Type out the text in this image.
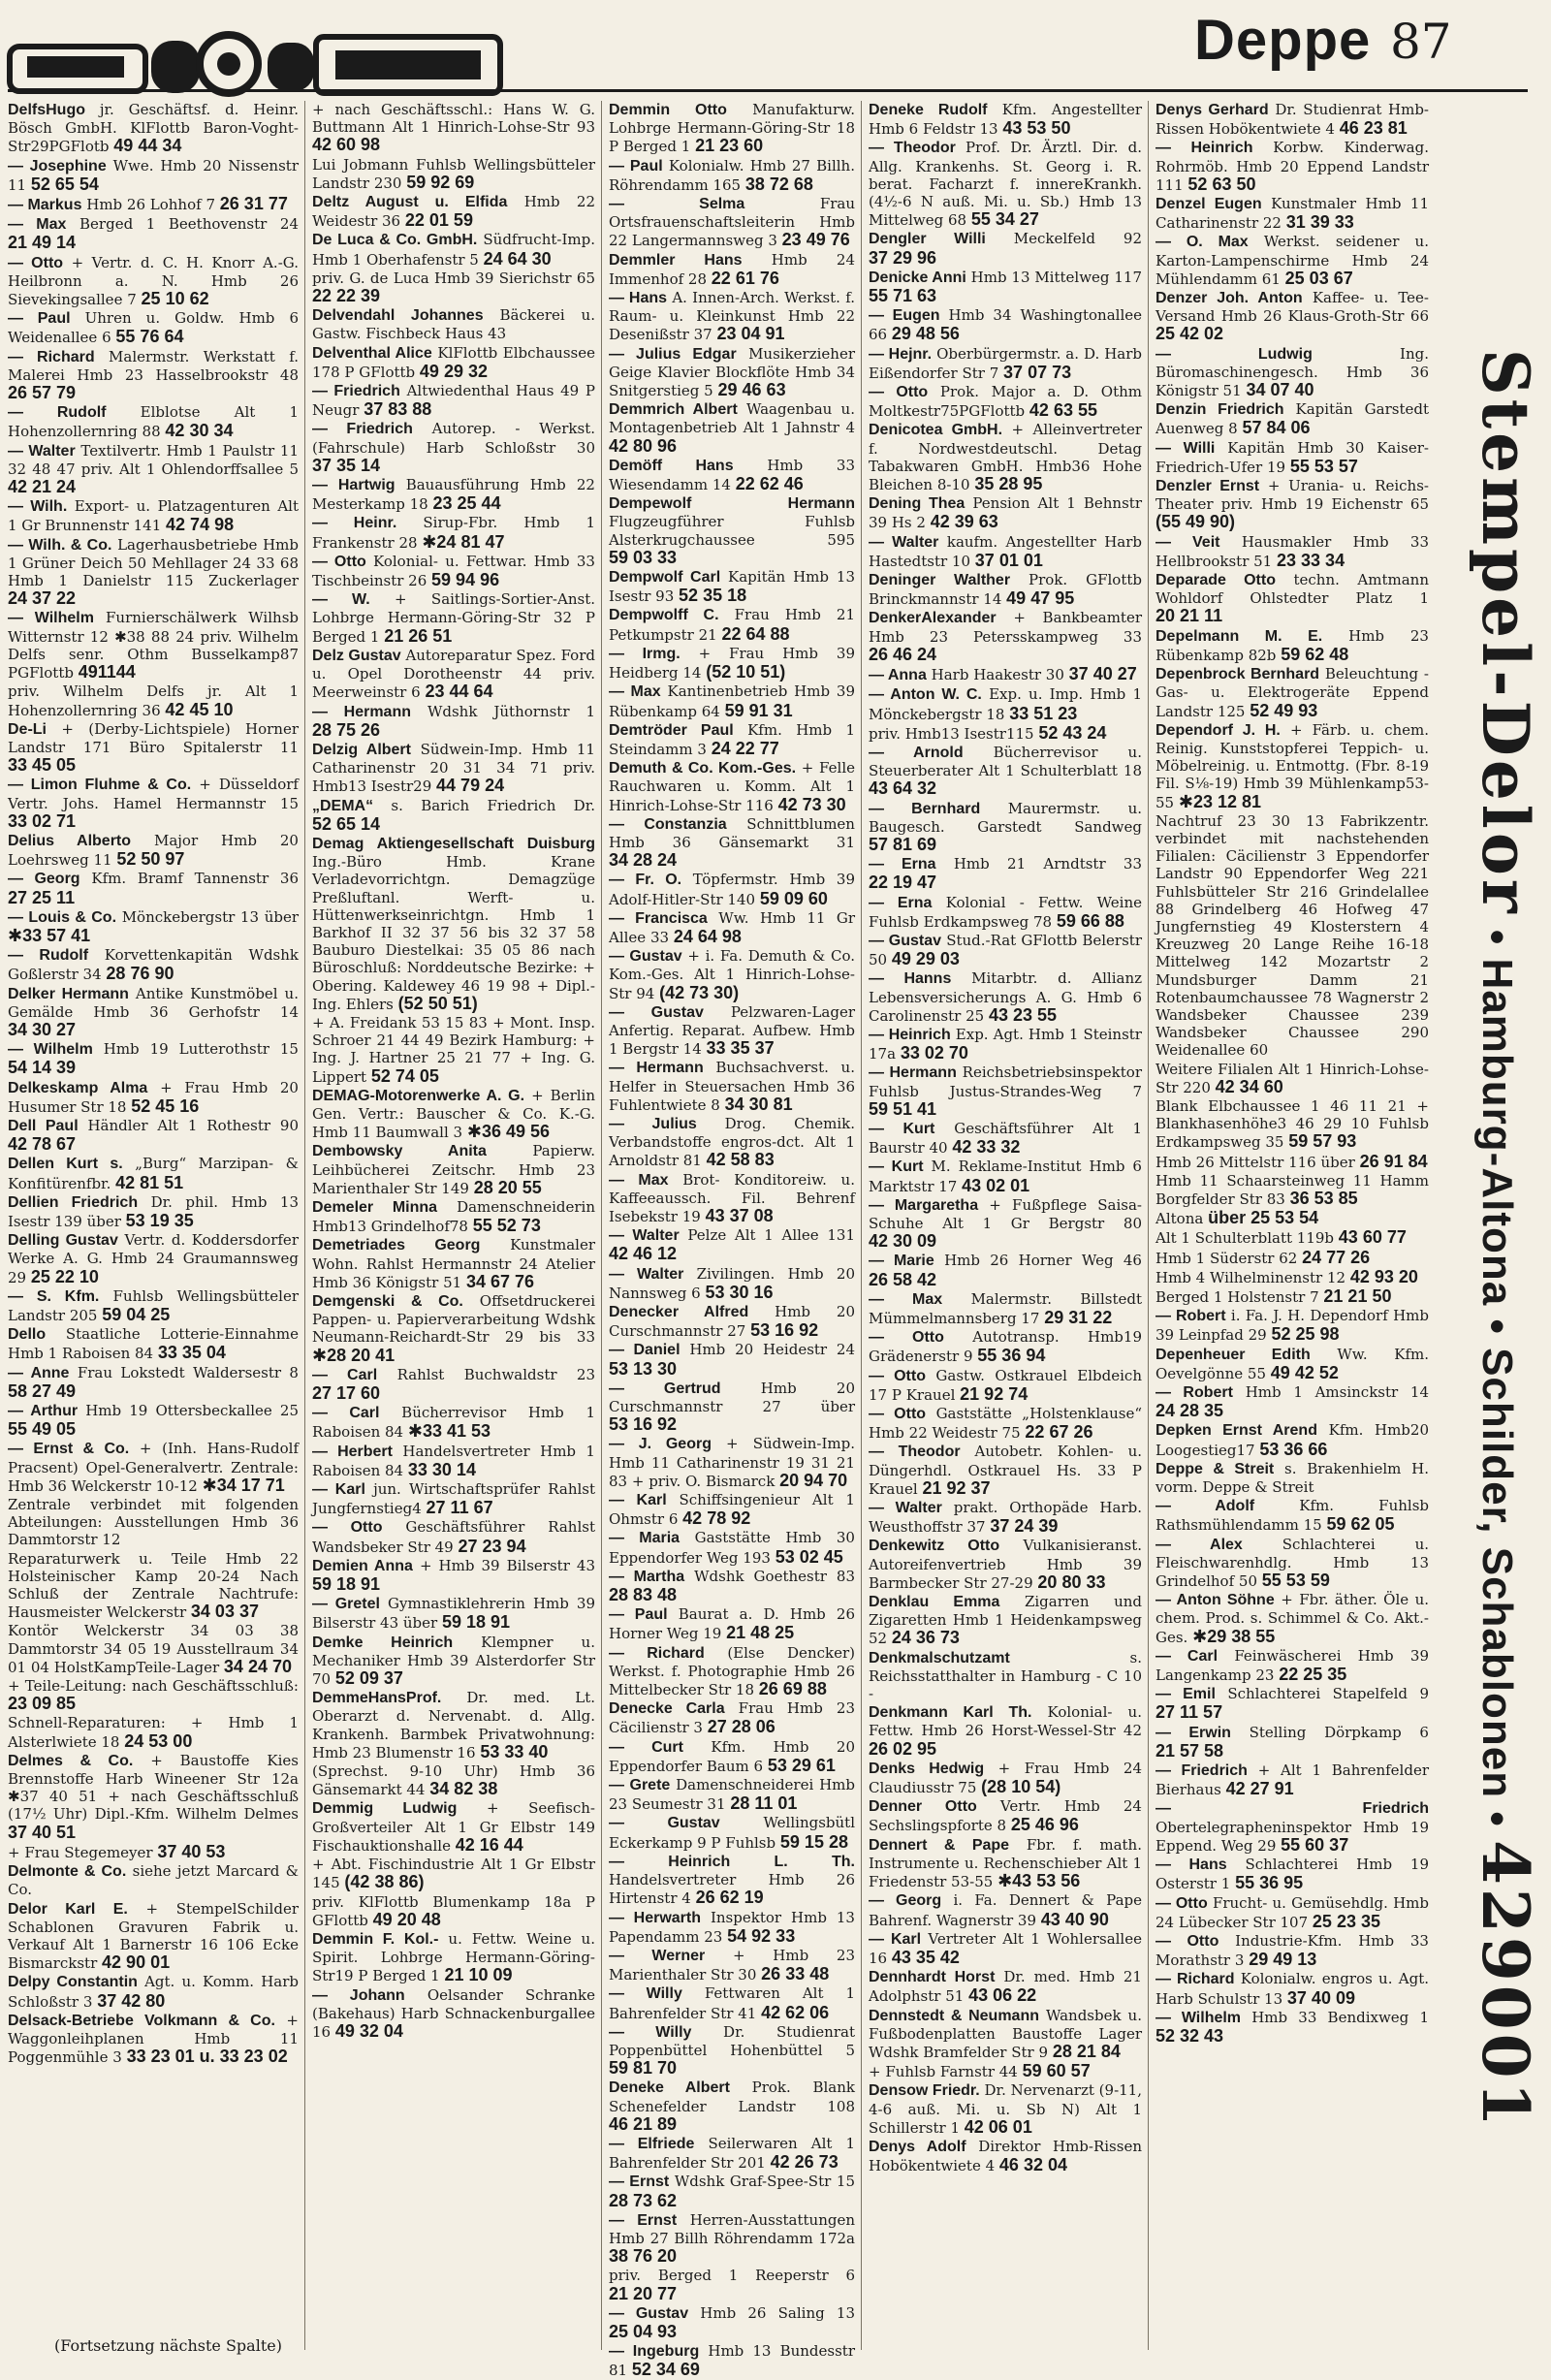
Deppe 87
DelfsHugo jr. Geschäftsf. d. Heinr. Bösch GmbH. KlFlottb Baron-Voght-Str29PGFlotb 49 44 34
— Josephine Wwe. Hmb 20 Nissenstr 11 52 65 54
— Markus Hmb 26 Lohhof 7 26 31 77
— Max Berged 1 Beethovenstr 24 21 49 14
— Otto + Vertr. d. C. H. Knorr A.-G. Heilbronn a. N. Hmb 26 Sievekingsallee 7 25 10 62
— Paul Uhren u. Goldw. Hmb 6 Weidenallee 6 55 76 64
— Richard Malermstr. Werkstatt f. Malerei Hmb 23 Hasselbrookstr 48 26 57 79
— Rudolf Elblotse Alt 1 Hohenzollernring 88 42 30 34
— Walter Textilvertr. Hmb 1 Paulstr 11 32 48 47 priv. Alt 1 Ohlendorffsallee 5 42 21 24
— Wilh. Export- u. Platzagenturen Alt 1 Gr Brunnenstr 141 42 74 98
— Wilh. & Co. Lagerhausbetriebe Hmb 1 Grüner Deich 50 Mehllager 24 33 68 Hmb 1 Danielstr 115 Zuckerlager 24 37 22
— Wilhelm Furnierschälwerk Wilhsb Witternstr 12 ✱38 88 24 priv. Wilhelm Delfs senr. Othm Busselkamp87 PGFlottb 491144
priv. Wilhelm Delfs jr. Alt 1 Hohenzollernring 36 42 45 10
De-Li + (Derby-Lichtspiele) Horner Landstr 171 Büro Spitalerstr 11 33 45 05
— Limon Fluhme & Co. + Düsseldorf Vertr. Johs. Hamel Hermannstr 15 33 02 71
Delius Alberto Major Hmb 20 Loehrsweg 11 52 50 97
— Georg Kfm. Bramf Tannenstr 36 27 25 11
— Louis & Co. Mönckebergstr 13 über ✱33 57 41
— Rudolf Korvettenkapitän Wdshk Goßlerstr 34 28 76 90
Delker Hermann Antike Kunstmöbel u. Gemälde Hmb 36 Gerhofstr 14 34 30 27
— Wilhelm Hmb 19 Lutterothstr 15 54 14 39
Delkeskamp Alma + Frau Hmb 20 Husumer Str 18 52 45 16
Dell Paul Händler Alt 1 Rothestr 90 42 78 67
Dellen Kurt s. „Burg“ Marzipan- & Konfitürenfbr. 42 81 51
Dellien Friedrich Dr. phil. Hmb 13 Isestr 139 über 53 19 35
Delling Gustav Vertr. d. Koddersdorfer Werke A. G. Hmb 24 Graumannsweg 29 25 22 10
— S. Kfm. Fuhlsb Wellingsbütteler Landstr 205 59 04 25
Dello Staatliche Lotterie-Einnahme Hmb 1 Raboisen 84 33 35 04
— Anne Frau Lokstedt Waldersestr 8 58 27 49
— Arthur Hmb 19 Ottersbeckallee 25 55 49 05
— Ernst & Co. + (Inh. Hans-Rudolf Pracsent) Opel-Generalvertr. Zentrale: Hmb 36 Welckerstr 10-12 ✱34 17 71
Zentrale verbindet mit folgenden Abteilungen: Ausstellungen Hmb 36 Dammtorstr 12
Reparaturwerk u. Teile Hmb 22 Holsteinischer Kamp 20-24 Nach Schluß der Zentrale Nachtrufe: Hausmeister Welckerstr 34 03 37
Kontör Welckerstr 34 03 38 Dammtorstr 34 05 19 Ausstellraum 34 01 04 HolstKampTeile-Lager 34 24 70
+ Teile-Leitung: nach Geschäftsschluß: 23 09 85
Schnell-Reparaturen: + Hmb 1 Alsterlwiete 18 24 53 00
Delmes & Co. + Baustoffe Kies Brennstoffe Harb Wineener Str 12a ✱37 40 51 + nach Geschäftsschluß (17½ Uhr) Dipl.-Kfm. Wilhelm Delmes 37 40 51
+ Frau Stegemeyer 37 40 53
Delmonte & Co. siehe jetzt Marcard & Co.
Delor Karl E. + StempelSchilder Schablonen Gravuren Fabrik u. Verkauf Alt 1 Barnerstr 16 106 Ecke Bismarckstr 42 90 01
Delpy Constantin Agt. u. Komm. Harb Schloßstr 3 37 42 80
Delsack-Betriebe Volkmann & Co. + Waggonleihplanen Hmb 11 Poggenmühle 3 33 23 01 u. 33 23 02
+ nach Geschäftsschl.: Hans W. G. Buttmann Alt 1 Hinrich-Lohse-Str 93 42 60 98
Lui Jobmann Fuhlsb Wellingsbütteler Landstr 230 59 92 69
Deltz August u. Elfida Hmb 22 Weidestr 36 22 01 59
De Luca & Co. GmbH. Südfrucht-Imp. Hmb 1 Oberhafenstr 5 24 64 30
priv. G. de Luca Hmb 39 Sierichstr 65 22 22 39
Delvendahl Johannes Bäckerei u. Gastw. Fischbeck Haus 43
Delventhal Alice KlFlottb Elbchaussee 178 P GFlottb 49 29 32
— Friedrich Altwiedenthal Haus 49 P Neugr 37 83 88
— Friedrich Autorep. - Werkst. (Fahrschule) Harb Schloßstr 30 37 35 14
— Hartwig Bauausführung Hmb 22 Mesterkamp 18 23 25 44
— Heinr. Sirup-Fbr. Hmb 1 Frankenstr 28 ✱24 81 47
— Otto Kolonial- u. Fettwar. Hmb 33 Tischbeinstr 26 59 94 96
— W. + Saitlings-Sortier-Anst. Lohbrge Hermann-Göring-Str 32 P Berged 1 21 26 51
Delz Gustav Autoreparatur Spez. Ford u. Opel Dorotheenstr 44 priv. Meerweinstr 6 23 44 64
— Hermann Wdshk Jüthornstr 1 28 75 26
Delzig Albert Südwein-Imp. Hmb 11 Catharinenstr 20 31 34 71 priv. Hmb13 Isestr29 44 79 24
„DEMA“ s. Barich Friedrich Dr. 52 65 14
Demag Aktiengesellschaft Duisburg Ing.-Büro Hmb. Krane Verladevorrichtgn. Demagzüge Preßluftanl. Werft- u. Hüttenwerkseinrichtgn. Hmb 1 Barkhof II 32 37 56 bis 32 37 58 Bauburo Diestelkai: 35 05 86 nach Büroschluß: Norddeutsche Bezirke: + Obering. Kaldewey 46 19 98 + Dipl.-Ing. Ehlers (52 50 51)
+ A. Freidank 53 15 83 + Mont. Insp. Schroer 21 44 49 Bezirk Hamburg: + Ing. J. Hartner 25 21 77 + Ing. G. Lippert 52 74 05
DEMAG-Motorenwerke A. G. + Berlin Gen. Vertr.: Bauscher & Co. K.-G. Hmb 11 Baumwall 3 ✱36 49 56
Dembowsky Anita	Papierw. Leihbücherei Zeitschr. Hmb 23 Marienthaler Str 149 28 20 55
Demeler Minna Damenschneiderin Hmb13 Grindelhof78 55 52 73
Demetriades Georg Kunstmaler Wohn. Rahlst Hermannstr 24 Atelier Hmb 36 Königstr 51 34 67 76
Demgenski & Co. Offsetdruckerei Pappen- u. Papierverarbeitung Wdshk Neumann-Reichardt-Str 29 bis 33 ✱28 20 41
— Carl Rahlst Buchwaldstr 23 27 17 60
— Carl Bücherrevisor Hmb 1 Raboisen 84 ✱33 41 53
— Herbert Handelsvertreter Hmb 1 Raboisen 84 33 30 14
— Karl jun. Wirtschaftsprüfer Rahlst Jungfernstieg4 27 11 67
— Otto Geschäftsführer Rahlst Wandsbeker Str 49 27 23 94
Demien Anna + Hmb 39 Bilserstr 43 59 18 91
— Gretel Gymnastiklehrerin Hmb 39 Bilserstr 43 über 59 18 91
Demke Heinrich Klempner u. Mechaniker Hmb 39 Alsterdorfer Str 70 52 09 37
DemmeHansProf. Dr. med. Lt. Oberarzt d. Nervenabt. d. Allg. Krankenh. Barmbek Privatwohnung: Hmb 23 Blumenstr 16 53 33 40
(Sprechst. 9-10 Uhr) Hmb 36 Gänsemarkt 44 34 82 38
Demmig Ludwig + Seefisch-Großverteiler Alt 1 Gr Elbstr 149 Fischauktionshalle 42 16 44
+ Abt. Fischindustrie Alt 1 Gr Elbstr 145 (42 38 86)
priv. KlFlottb Blumenkamp 18a P GFlottb 49 20 48
Demmin F. Kol.- u. Fettw. Weine u. Spirit. Lohbrge Hermann-Göring-Str19 P Berged 1 21 10 09
— Johann Oelsander Schranke (Bakehaus) Harb Schnackenburgallee 16 49 32 04
Demmin Otto Manufakturw. Lohbrge Hermann-Göring-Str 18 P Berged 1 21 23 60
— Paul Kolonialw. Hmb 27 Billh. Röhrendamm 165 38 72 68
— Selma	Frau Ortsfrauenschaftsleiterin Hmb 22 Langermannsweg 3 23 49 76
Demmler Hans Hmb 24 Immenhof 28 22 61 76
— Hans A. Innen-Arch. Werkst. f. Raum- u. Kleinkunst Hmb 22 Desenißstr 37 23 04 91
— Julius Edgar Musikerzieher Geige Klavier Blockflöte Hmb 34 Snitgerstieg 5 29 46 63
Demmrich Albert Waagenbau u. Montagenbetrieb Alt 1 Jahnstr 4 42 80 96
Demöff Hans Hmb 33 Wiesendamm 14 22 62 46
Dempewolf Hermann Flugzeugführer Fuhlsb Alsterkrugchaussee 595 59 03 33
Dempwolf Carl Kapitän Hmb 13 Isestr 93 52 35 18
Dempwolff C. Frau Hmb 21 Petkumpstr 21 22 64 88
— Irmg. + Frau Hmb 39 Heidberg 14 (52 10 51)
— Max Kantinenbetrieb Hmb 39 Rübenkamp 64 59 91 31
Demtröder Paul Kfm. Hmb 1 Steindamm 3 24 22 77
Demuth & Co. Kom.-Ges. + Felle Rauchwaren u. Komm. Alt 1 Hinrich-Lohse-Str 116 42 73 30
— Constanzia Schnittblumen Hmb 36 Gänsemarkt 31 34 28 24
— Fr. O. Töpfermstr. Hmb 39 Adolf-Hitler-Str 140 59 09 60
— Francisca Ww. Hmb 11 Gr Allee 33 24 64 98
— Gustav + i. Fa. Demuth & Co. Kom.-Ges. Alt 1 Hinrich-Lohse-Str 94 (42 73 30)
— Gustav Pelzwaren-Lager Anfertig. Reparat. Aufbew. Hmb 1 Bergstr 14 33 35 37
— Hermann Buchsachverst. u. Helfer in Steuersachen Hmb 36 Fuhlentwiete 8 34 30 81
— Julius Drog. Chemik. Verbandstoffe engros-dct. Alt 1 Arnoldstr 81 42 58 83
— Max Brot- Konditoreiw. u. Kaffeeaussch. Fil. Behrenf Isebekstr 19 43 37 08
— Walter Pelze Alt 1 Allee 131 42 46 12
— Walter Zivilingen. Hmb 20 Nannsweg 6 53 30 16
Denecker Alfred Hmb 20 Curschmannstr 27 53 16 92
— Daniel Hmb 20 Heidestr 24 53 13 30
— Gertrud	Hmb 20 Curschmannstr 27 über 53 16 92
— J. Georg + Südwein-Imp. Hmb 11 Catharinenstr 19 31 21 83 + priv. O. Bismarck 20 94 70
— Karl Schiffsingenieur Alt 1 Ohmstr 6 42 78 92
— Maria Gaststätte Hmb 30 Eppendorfer Weg 193 53 02 45
— Martha Wdshk Goethestr 83 28 83 48
— Paul Baurat a. D. Hmb 26 Horner Weg 19 21 48 25
— Richard (Else Dencker) Werkst. f. Photographie Hmb 26 Mittelbecker Str 18 26 69 88
Denecke Carla Frau Hmb 23 Cäcilienstr 3 27 28 06
— Curt Kfm. Hmb 20 Eppendorfer Baum 6 53 29 61
— Grete Damenschneiderei Hmb 23 Seumestr 31 28 11 01
— Gustav	Wellingsbütl Eckerkamp 9 P Fuhlsb 59 15 28
— Heinrich L. Th. Handelsvertreter Hmb 26 Hirtenstr 4 26 62 19
— Herwarth Inspektor Hmb 13 Papendamm 23 54 92 33
— Werner + Hmb 23 Marienthaler Str 30 26 33 48
— Willy Fettwaren Alt 1 Bahrenfelder Str 41 42 62 06
— Willy Dr. Studienrat Poppenbüttel Hohenbüttel 5 59 81 70
Deneke Albert Prok. Blank Schenefelder Landstr 108 46 21 89
— Elfriede Seilerwaren Alt 1 Bahrenfelder Str 201 42 26 73
— Ernst Wdshk Graf-Spee-Str 15 28 73 62
— Ernst Herren-Ausstattungen Hmb 27 Billh Röhrendamm 172a 38 76 20
priv. Berged 1 Reeperstr 6 21 20 77
— Gustav Hmb 26 Saling 13 25 04 93
— Ingeburg Hmb 13 Bundesstr 81 52 34 69
Deneke Rudolf Kfm. Angestellter Hmb 6 Feldstr 13 43 53 50
— Theodor Prof. Dr. Ärztl. Dir. d. Allg. Krankenhs. St. Georg i. R. berat. Facharzt f. innereKrankh. (4½-6 N auß. Mi. u. Sb.) Hmb 13 Mittelweg 68 55 34 27
Dengler Willi Meckelfeld 92 37 29 96
Denicke Anni Hmb 13 Mittelweg 117 55 71 63
— Eugen Hmb 34 Washingtonallee 66 29 48 56
— Hejnr. Oberbürgermstr. a. D. Harb Eißendorfer Str 7 37 07 73
— Otto Prok. Major a. D. Othm Moltkestr75PGFlottb 42 63 55
Denicotea GmbH. + Alleinvertreter f. Nordwestdeutschl. Detag Tabakwaren GmbH. Hmb36 Hohe Bleichen 8-10 35 28 95
Dening Thea Pension Alt 1 Behnstr 39 Hs 2 42 39 63
— Walter kaufm. Angestellter Harb Hastedtstr 10 37 01 01
Deninger Walther Prok. GFlottb Brinckmannstr 14 49 47 95
DenkerAlexander + Bankbeamter Hmb 23 Petersskampweg 33 26 46 24
— Anna Harb Haakestr 30 37 40 27
— Anton W. C. Exp. u. Imp. Hmb 1 Mönckebergstr 18 33 51 23
priv. Hmb13 Isestr115 52 43 24
— Arnold Bücherrevisor u. Steuerberater Alt 1 Schulterblatt 18 43 64 32
— Bernhard Maurermstr. u. Baugesch. Garstedt Sandweg 57 81 69
— Erna Hmb 21 Arndtstr 33 22 19 47
— Erna Kolonial - Fettw. Weine Fuhlsb Erdkampsweg 78 59 66 88
— Gustav Stud.-Rat GFlottb Belerstr 50 49 29 03
— Hanns Mitarbtr. d. Allianz Lebensversicherungs A. G. Hmb 6 Carolinenstr 25 43 23 55
— Heinrich Exp. Agt. Hmb 1 Steinstr 17a 33 02 70
— Hermann Reichsbetriebsinspektor Fuhlsb Justus-Strandes-Weg 7 59 51 41
— Kurt Geschäftsführer Alt 1 Baurstr 40 42 33 32
— Kurt M. Reklame-Institut Hmb 6 Marktstr 17 43 02 01
— Margaretha + Fußpflege Saisa-Schuhe Alt 1 Gr Bergstr 80 42 30 09
— Marie Hmb 26 Horner Weg 46 26 58 42
— Max Malermstr. Billstedt Mümmelmannsberg 17 29 31 22
— Otto Autotransp. Hmb19 Grädenerstr 9 55 36 94
— Otto Gastw. Ostkrauel Elbdeich 17 P Krauel 21 92 74
— Otto Gaststätte „Holstenklause“ Hmb 22 Weidestr 75 22 67 26
— Theodor Autobetr. Kohlen- u. Düngerhdl. Ostkrauel Hs. 33 P Krauel 21 92 37
— Walter prakt. Orthopäde Harb. Weusthoffstr 37 37 24 39
Denkewitz Otto Vulkanisieranst. Autoreifenvertrieb Hmb 39 Barmbecker Str 27-29 20 80 33
Denklau Emma Zigarren und Zigaretten Hmb 1 Heidenkampsweg 52 24 36 73
Denkmalschutzamt	s. Reichsstatthalter in Hamburg - C 10 -
Denkmann Karl Th. Kolonial- u. Fettw. Hmb 26 Horst-Wessel-Str 42 26 02 95
Denks Hedwig + Frau Hmb 24 Claudiusstr 75 (28 10 54)
Denner Otto Vertr. Hmb 24 Sechslingspforte 8 25 46 96
Dennert & Pape Fbr. f. math. Instrumente u. Rechenschieber Alt 1 Friedenstr 53-55 ✱43 53 56
— Georg i. Fa. Dennert & Pape Bahrenf. Wagnerstr 39 43 40 90
— Karl Vertreter Alt 1 Wohlersallee 16 43 35 42
Dennhardt Horst Dr. med. Hmb 21 Adolphstr 51 43 06 22
Dennstedt & Neumann Wandsbek u. Fußbodenplatten Baustoffe Lager Wdshk Bramfelder Str 9 28 21 84
+ Fuhlsb Farnstr 44 59 60 57
Densow Friedr. Dr. Nervenarzt (9-11, 4-6 auß. Mi. u. Sb N) Alt 1 Schillerstr 1 42 06 01
Denys Adolf Direktor Hmb-Rissen Hobökentwiete 4 46 32 04
Denys Gerhard Dr. Studienrat Hmb-Rissen Hobökentwiete 4 46 23 81
— Heinrich Korbw. Kinderwag. Rohrmöb. Hmb 20 Eppend Landstr 111 52 63 50
Denzel Eugen Kunstmaler Hmb 11 Catharinenstr 22 31 39 33
— O. Max Werkst. seidener u. Karton-Lampenschirme Hmb 24 Mühlendamm 61 25 03 67
Denzer Joh. Anton Kaffee- u. Tee-Versand Hmb 26 Klaus-Groth-Str 66 25 42 02
— Ludwig	Ing. Büromaschinengesch. Hmb 36 Königstr 51 34 07 40
Denzin Friedrich Kapitän Garstedt Auenweg 8 57 84 06
— Willi Kapitän Hmb 30 Kaiser-Friedrich-Ufer 19 55 53 57
Denzler Ernst + Urania- u. Reichs-Theater priv. Hmb 19 Eichenstr 65 (55 49 90)
— Veit Hausmakler Hmb 33 Hellbrookstr 51 23 33 34
Deparade Otto techn. Amtmann Wohldorf Ohlstedter Platz 1 20 21 11
Depelmann M. E. Hmb 23 Rübenkamp 82b 59 62 48
Depenbrock Bernhard Beleuchtung - Gas- u. Elektrogeräte Eppend Landstr 125 52 49 93
Dependorf J. H. + Färb. u. chem. Reinig. Kunststopferei Teppich- u. Möbelreinig. u. Entmottg. (Fbr. 8-19 Fil. S⅛-19) Hmb 39 Mühlenkamp53-55 ✱23 12 81
Nachtruf 23 30 13 Fabrikzentr. verbindet mit nachstehenden Filialen: Cäcilienstr 3 Eppendorfer Landstr 90 Eppendorfer Weg 221 Fuhlsbütteler Str 216 Grindelallee 88 Grindelberg 46 Hofweg 47 Jungfernstieg 49 Klosterstern 4 Kreuzweg 20 Lange Reihe 16-18 Mittelweg 142 Mozartstr 2 Mundsburger Damm 21 Rotenbaumchaussee 78 Wagnerstr 2 Wandsbeker Chaussee 239 Wandsbeker Chaussee 290 Weidenallee 60
Weitere Filialen Alt 1 Hinrich-Lohse-Str 220 42 34 60
Blank Elbchaussee 1 46 11 21 + Blankhasenhöhe3 46 29 10 Fuhlsb Erdkampsweg 35 59 57 93
Hmb 26 Mittelstr 116 über 26 91 84
Hmb 11 Schaarsteinweg 11 Hamm Borgfelder Str 83 36 53 85
Altona über 25 53 54
Alt 1 Schulterblatt 119b 43 60 77
Hmb 1 Süderstr 62 24 77 26
Hmb 4 Wilhelminenstr 12 42 93 20
Berged 1 Holstenstr 7 21 21 50
— Robert i. Fa. J. H. Dependorf Hmb 39 Leinpfad 29 52 25 98
Depenheuer Edith Ww. Kfm. Oevelgönne 55 49 42 52
— Robert Hmb 1 Amsinckstr 14 24 28 35
Depken Ernst Arend Kfm. Hmb20 Loogestieg17 53 36 66
Deppe & Streit s. Brakenhielm H. vorm. Deppe & Streit
— Adolf	Kfm. Fuhlsb Rathsmühlendamm 15 59 62 05
— Alex	Schlachterei u. Fleischwarenhdlg. Hmb 13 Grindelhof 50 55 53 59
— Anton Söhne + Fbr. äther. Öle u. chem. Prod. s. Schimmel & Co. Akt.-Ges. ✱29 38 55
— Carl Feinwäscherei Hmb 39 Langenkamp 23 22 25 35
— Emil Schlachterei Stapelfeld 9 27 11 57
— Erwin Stelling Dörpkamp 6 21 57 58
— Friedrich + Alt 1 Bahrenfelder Bierhaus 42 27 91
— Friedrich Obertelegrapheninspektor Hmb 19 Eppend. Weg 29 55 60 37
— Hans Schlachterei Hmb 19 Osterstr 1 55 36 95
— Otto Frucht- u. Gemüsehdlg. Hmb 24 Lübecker Str 107 25 23 35
— Otto Industrie-Kfm. Hmb 33 Morathstr 3 29 49 13
— Richard Kolonialw. engros u. Agt. Harb Schulstr 13 37 40 09
— Wilhelm Hmb 33 Bendixweg 1 52 32 43
Stempel-Delor • Hamburg-Altona • Schilder, Schablonen • 429001
(Fortsetzung nächste Spalte)
